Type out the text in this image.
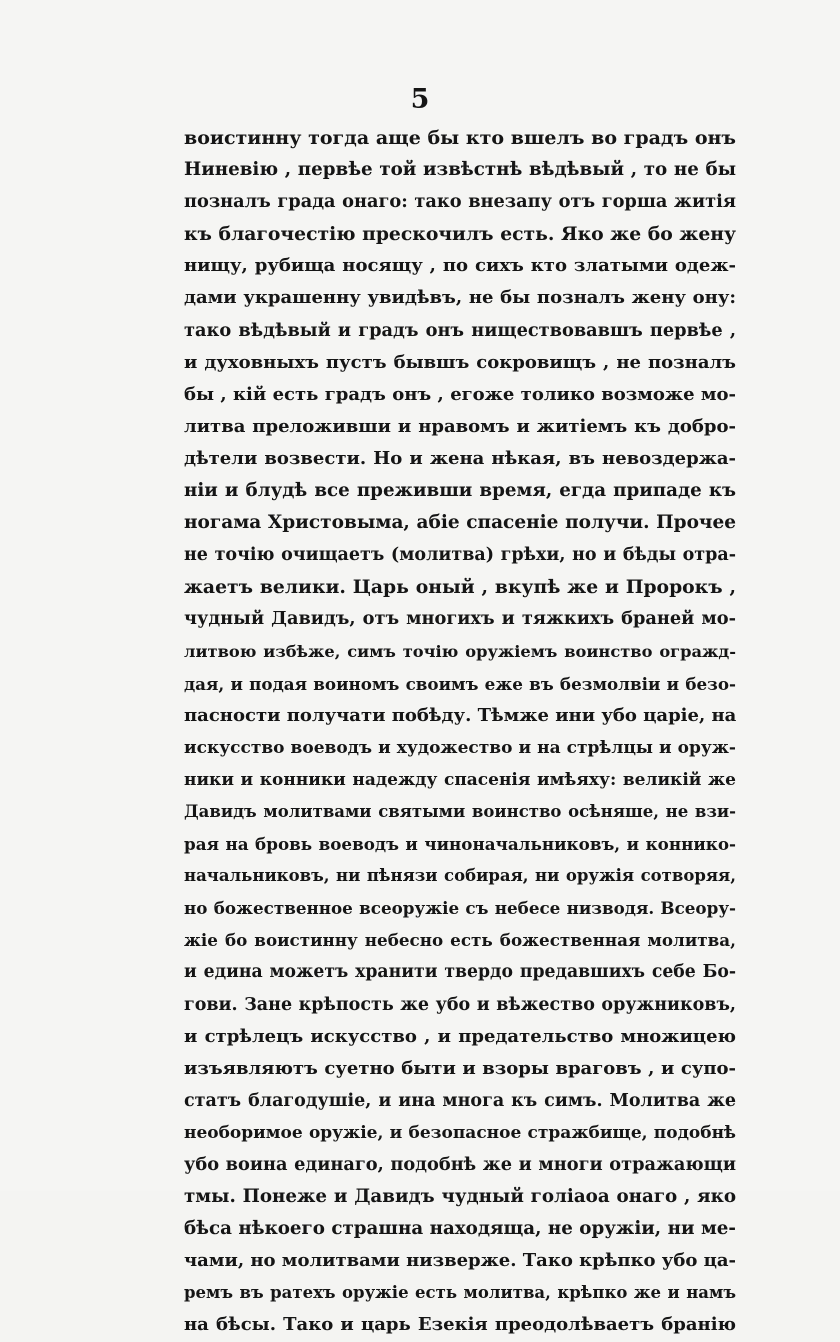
5
воистинну тогда аще бы кто вшелъ во градъ онъ
Ниневію , первѣе той извѣстнѣ вѣдѣвый , то не бы
позналъ града онаго: тако внезапу отъ горша житія
къ благочестію прескочилъ есть. Яко же бо жену
нищу, рубища носящу , по сихъ кто златыми одеж-
дами украшенну увидѣвъ, не бы позналъ жену ону:
тако вѣдѣвый и градъ онъ ниществовавшъ первѣе ,
и духовныхъ пустъ бывшъ сокровищъ , не позналъ
бы , кій есть градъ онъ , егоже толико возможе мо-
литва преложивши и нравомъ и житіемъ къ добро-
дѣтели возвести. Но и жена нѣкая, въ невоздержа-
ніи и блудѣ все преживши время, егда припаде къ
ногама Христовыма, абіе спасеніе получи. Прочее
не точію очищаетъ (молитва) грѣхи, но и бѣды отра-
жаетъ велики. Царь оный , вкупѣ же и Пророкъ ,
чудный Давидъ, отъ многихъ и тяжкихъ браней мо-
литвою избѣже, симъ точію оружіемъ воинство огражд-
дая, и подая воиномъ своимъ еже въ безмолвіи и безо-
пасности получати побѣду. Тѣмже ини убо царіе, на
искусство воеводъ и художество и на стрѣлцы и оруж-
ники и конники надежду спасенія имѣяху: великій же
Давидъ молитвами святыми воинство осѣняше, не взи-
рая на бровь воеводъ и чиноначальниковъ, и коннико-
начальниковъ, ни пѣнязи собирая, ни оружія сотворяя,
но божественное всеоружіе съ небесе низводя. Всеору-
жіе бо воистинну небесно есть божественная молитва,
и едина можетъ хранити твердо предавшихъ себе Бо-
гови. Зане крѣпость же убо и вѣжество оружниковъ,
и стрѣлецъ искусство , и предательство множицею
изъявляютъ суетно быти и взоры враговъ , и супо-
статъ благодушіе, и ина многа къ симъ. Молитва же
необоримое оружіе, и безопасное стражбище, подобнѣ
убо воина единаго, подобнѣ же и многи отражающи
тмы. Понеже и Давидъ чудный голіаоа онаго , яко
бѣса нѣкоего страшна находяща, не оружіи, ни ме-
чами, но молитвами низверже. Тако крѣпко убо ца-
ремъ въ ратехъ оружіе есть молитва, крѣпко же и намъ
на бѣсы. Тако и царь Езекія преодолѣваетъ бранію
